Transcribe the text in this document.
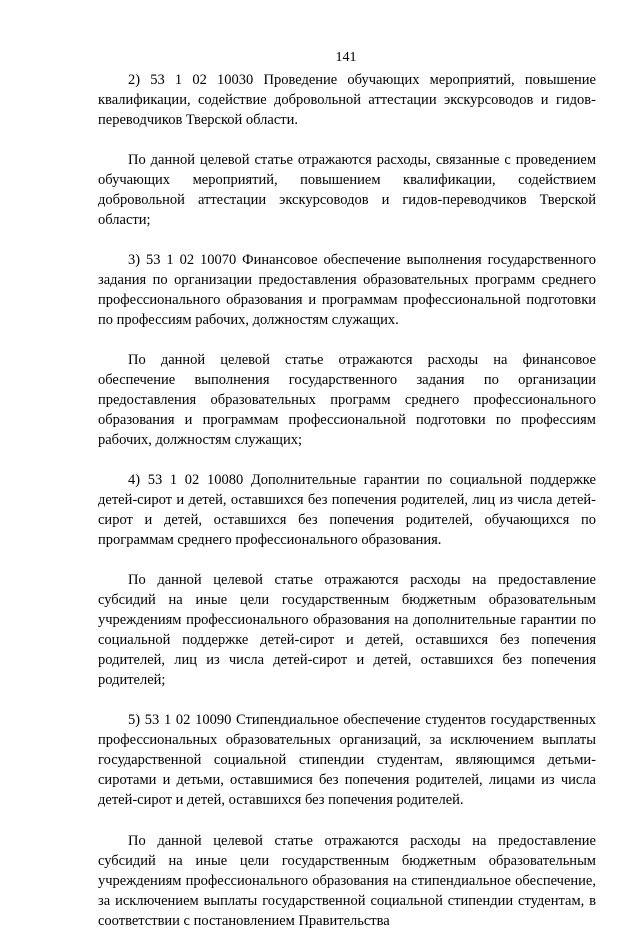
141

2) 53 1 02 10030 Проведение обучающих мероприятий, повышение квалификации, содействие добровольной аттестации экскурсоводов и гидов-переводчиков Тверской области.

По данной целевой статье отражаются расходы, связанные с проведением обучающих мероприятий, повышением квалификации, содействием добровольной аттестации экскурсоводов и гидов-переводчиков Тверской области;

3) 53 1 02 10070 Финансовое обеспечение выполнения государственного задания по организации предоставления образовательных программ среднего профессионального образования и программам профессиональной подготовки по профессиям рабочих, должностям служащих.

По данной целевой статье отражаются расходы на финансовое обеспечение выполнения государственного задания по организации предоставления образовательных программ среднего профессионального образования и программам профессиональной подготовки по профессиям рабочих, должностям служащих;

4) 53 1 02 10080 Дополнительные гарантии по социальной поддержке детей-сирот и детей, оставшихся без попечения родителей, лиц из числа детей-сирот и детей, оставшихся без попечения родителей, обучающихся по программам среднего профессионального образования.

По данной целевой статье отражаются расходы на предоставление субсидий на иные цели государственным бюджетным образовательным учреждениям профессионального образования на дополнительные гарантии по социальной поддержке детей-сирот и детей, оставшихся без попечения родителей, лиц из числа детей-сирот и детей, оставшихся без попечения родителей;

5) 53 1 02 10090 Стипендиальное обеспечение студентов государственных профессиональных образовательных организаций, за исключением выплаты государственной социальной стипендии студентам, являющимся детьми-сиротами и детьми, оставшимися без попечения родителей, лицами из числа детей-сирот и детей, оставшихся без попечения родителей.

По данной целевой статье отражаются расходы на предоставление субсидий на иные цели государственным бюджетным образовательным учреждениям профессионального образования на стипендиальное обеспечение, за исключением выплаты государственной социальной стипендии студентам, в соответствии с постановлением Правительства
